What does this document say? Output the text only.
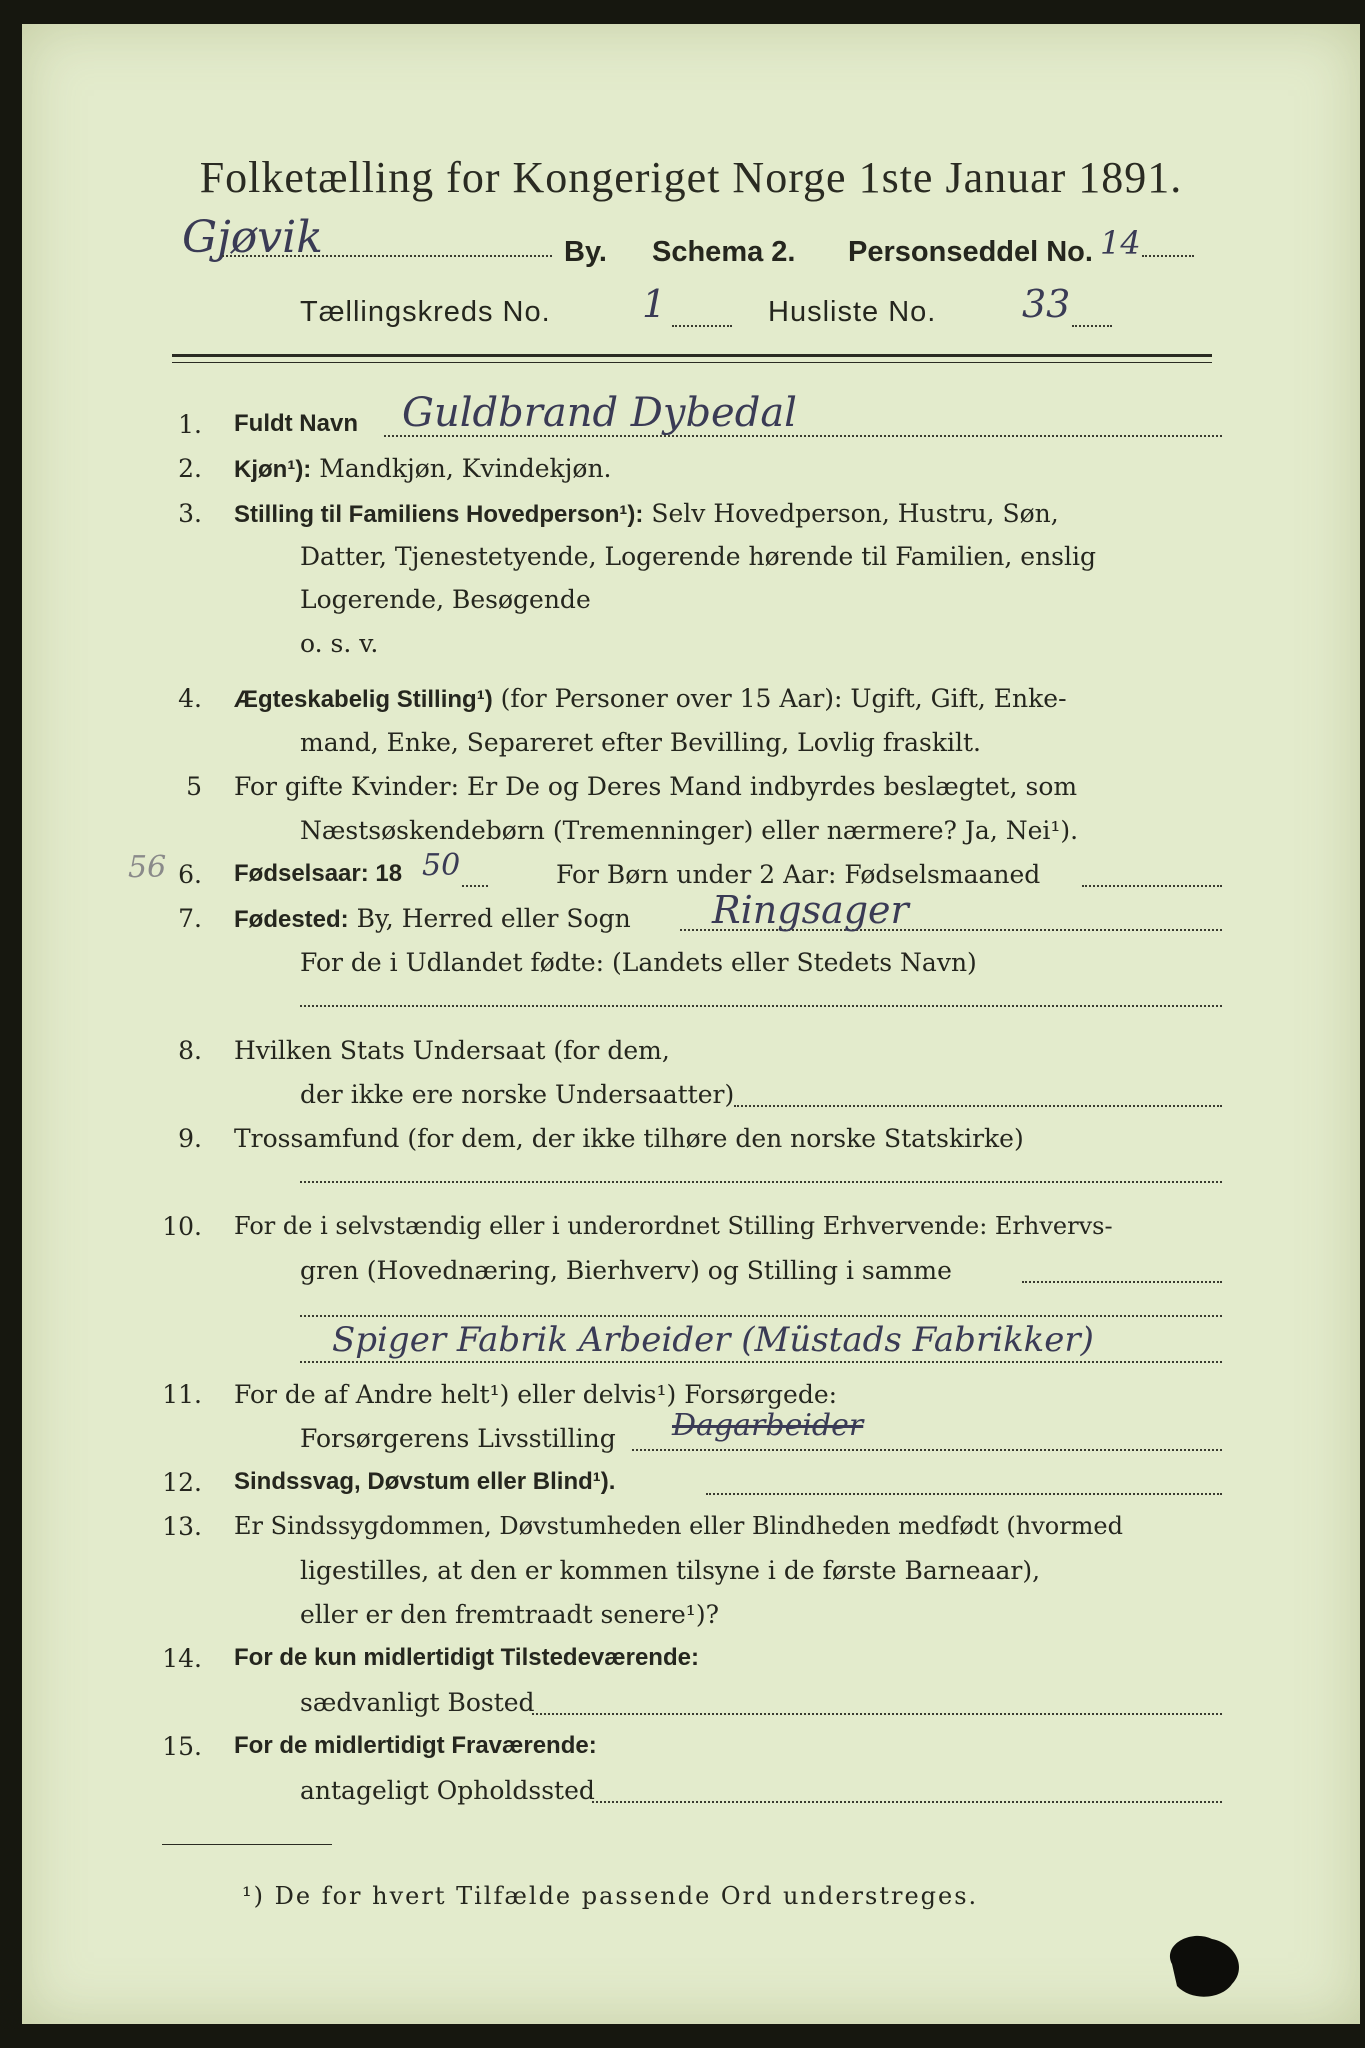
Folketælling for Kongeriget Norge 1ste Januar 1891.
Gjøvik	By. Schema 2. Personseddel No. 14
Tællingskreds No. 1	Husliste No. 33
1. Fuldt Navn Guldbrand Dybedal
2. Kjøn¹): Mandkjøn, Kvindekjøn.
3. Stilling til Familiens Hovedperson¹): Selv Hovedperson, Hustru, Søn,
Datter, Tjenestetyende, Logerende hørende til Familien, enslig
Logerende, Besøgende
o. s. v.
4. Ægteskabelig Stilling¹) (for Personer over 15 Aar): Ugift, Gift, Enke-
mand, Enke, Separeret efter Bevilling, Lovlig fraskilt.
5 For gifte Kvinder: Er De og Deres Mand indbyrdes beslægtet, som
Næstsøskendebørn (Tremenninger) eller nærmere? Ja, Nei¹).
56 6. Fødselsaar: 18 50	For Børn under 2 Aar: Fødselsmaaned
7. Fødested: By, Herred eller Sogn Ringsager
For de i Udlandet fødte: (Landets eller Stedets Navn)
8. Hvilken Stats Undersaat (for dem,
der ikke ere norske Undersaatter)
9. Trossamfund (for dem, der ikke tilhøre den norske Statskirke)
10. For de i selvstændig eller i underordnet Stilling Erhvervende: Erhvervs-
gren (Hovednæring, Bierhverv) og Stilling i samme
Spiger Fabrik Arbeider (Müstads Fabrikker)
11. For de af Andre helt¹) eller delvis¹) Forsørgede:
Forsørgerens Livsstilling Dagarbeider
12. Sindssvag, Døvstum eller Blind¹).
13. Er Sindssygdommen, Døvstumheden eller Blindheden medfødt (hvormed
ligestilles, at den er kommen tilsyne i de første Barneaar),
eller er den fremtraadt senere¹)?
14. For de kun midlertidigt Tilstedeværende:
sædvanligt Bosted
15. For de midlertidigt Fraværende:
antageligt Opholdssted
¹) De for hvert Tilfælde passende Ord understreges.
